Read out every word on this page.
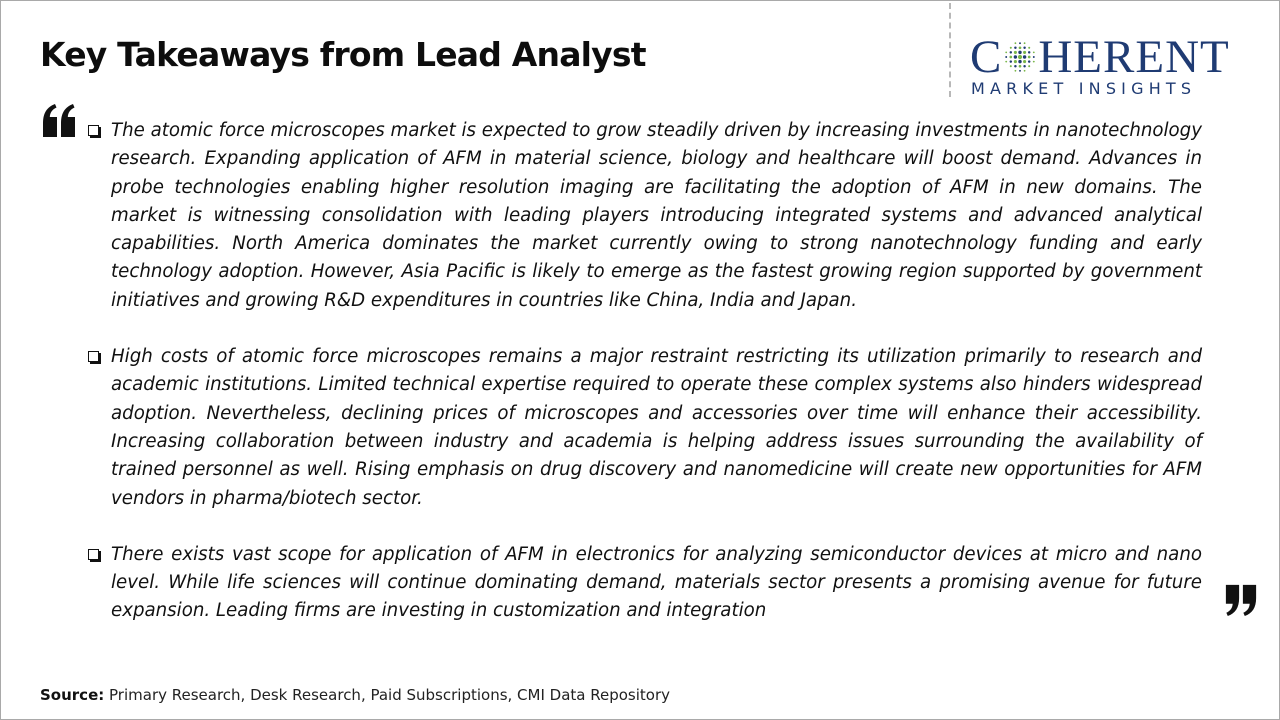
Key Takeaways from Lead Analyst	C HERENT
MARKET INSIGHTS
The atomic force microscopes market is expected to grow steadily driven by increasing investments in nanotechnology research. Expanding application of AFM in material science, biology and healthcare will boost demand. Advances in probe technologies enabling higher resolution imaging are facilitating the adoption of AFM in new domains. The market is witnessing consolidation with leading players introducing integrated systems and advanced analytical capabilities. North America dominates the market currently owing to strong nanotechnology funding and early technology adoption. However, Asia Pacific is likely to emerge as the fastest growing region supported by government initiatives and growing R&D expenditures in countries like China, India and Japan.
High costs of atomic force microscopes remains a major restraint restricting its utilization primarily to research and academic institutions. Limited technical expertise required to operate these complex systems also hinders widespread adoption. Nevertheless, declining prices of microscopes and accessories over time will enhance their accessibility. Increasing collaboration between industry and academia is helping address issues surrounding the availability of trained personnel as well. Rising emphasis on drug discovery and nanomedicine will create new opportunities for AFM vendors in pharma/biotech sector.
There exists vast scope for application of AFM in electronics for analyzing semiconductor devices at micro and nano level. While life sciences will continue dominating demand, materials sector presents a promising avenue for future expansion. Leading firms are investing in customization and integration
Source: Primary Research, Desk Research, Paid Subscriptions, CMI Data Repository
